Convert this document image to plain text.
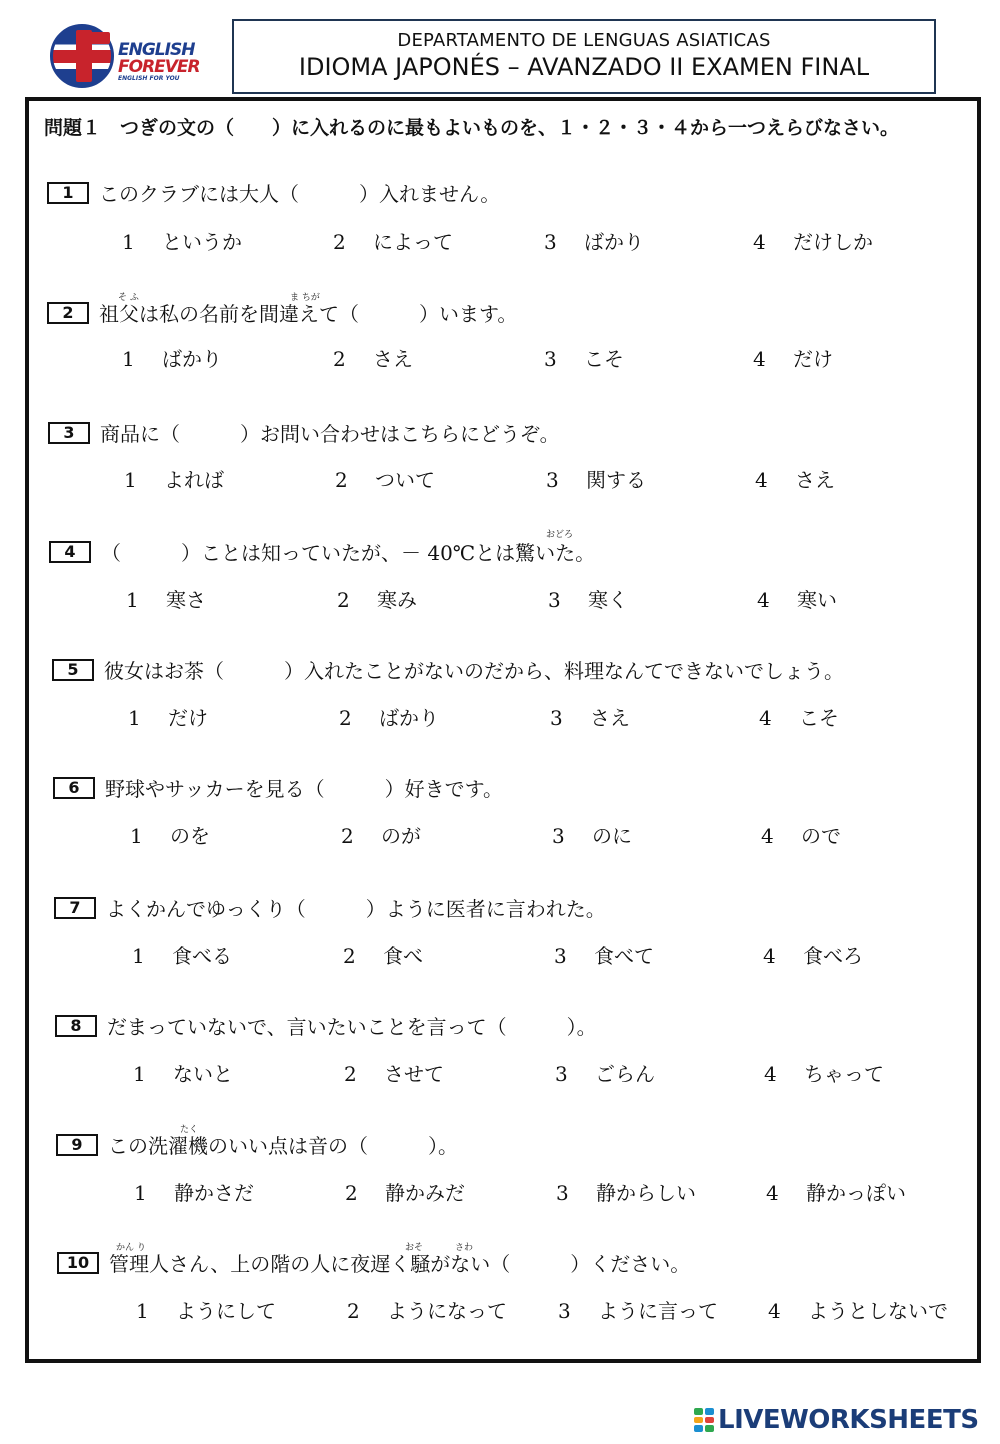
ENGLISH
FOREVER
ENGLISH FOR YOU
DEPARTAMENTO DE LENGUAS ASIATICAS
IDIOMA JAPONÉS – AVANZADO II EXAMEN FINAL
問題１　つぎの文の（　　）に入れるのに最もよいものを、１・２・３・４から一つえらびなさい。
1	このクラブには大人（　　　）入れません。
1 というか	2 によって	3 ばかり	4 だけしか
2	祖父は私の名前を間違えて（　　　）います。
そ ふ	ま ちが
1 ばかり	2 さえ	3 こそ	4 だけ
3	商品に（　　　）お問い合わせはこちらにどうぞ。
1 よれば	2 ついて	3 関する	4 さえ
4	（　　　）ことは知っていたが、－ 40℃とは驚いた。
おどろ
1 寒さ	2 寒み	3 寒く	4 寒い
5	彼女はお茶（　　　）入れたことがないのだから、料理なんてできないでしょう。
1 だけ	2 ばかり	3 さえ	4 こそ
6	野球やサッカーを見る（　　　）好きです。
1 のを	2 のが	3 のに	4 ので
7	よくかんでゆっくり（　　　）ように医者に言われた。
1 食べる	2 食べ	3 食べて	4 食べろ
8	だまっていないで、言いたいことを言って（　　　）。
1 ないと	2 させて	3 ごらん	4 ちゃって
9	この洗濯機のいい点は音の（　　　）。
たく
1 静かさだ	2 静かみだ	3 静からしい	4 静かっぽい
10 管理人さん、上の階の人に夜遅く騒がない（　　　）ください。
かん り	おそ	さわ
1 ようにして	2 ようになって	3 ように言って	4 ようとしないで
LIVEWORKSHEETS
